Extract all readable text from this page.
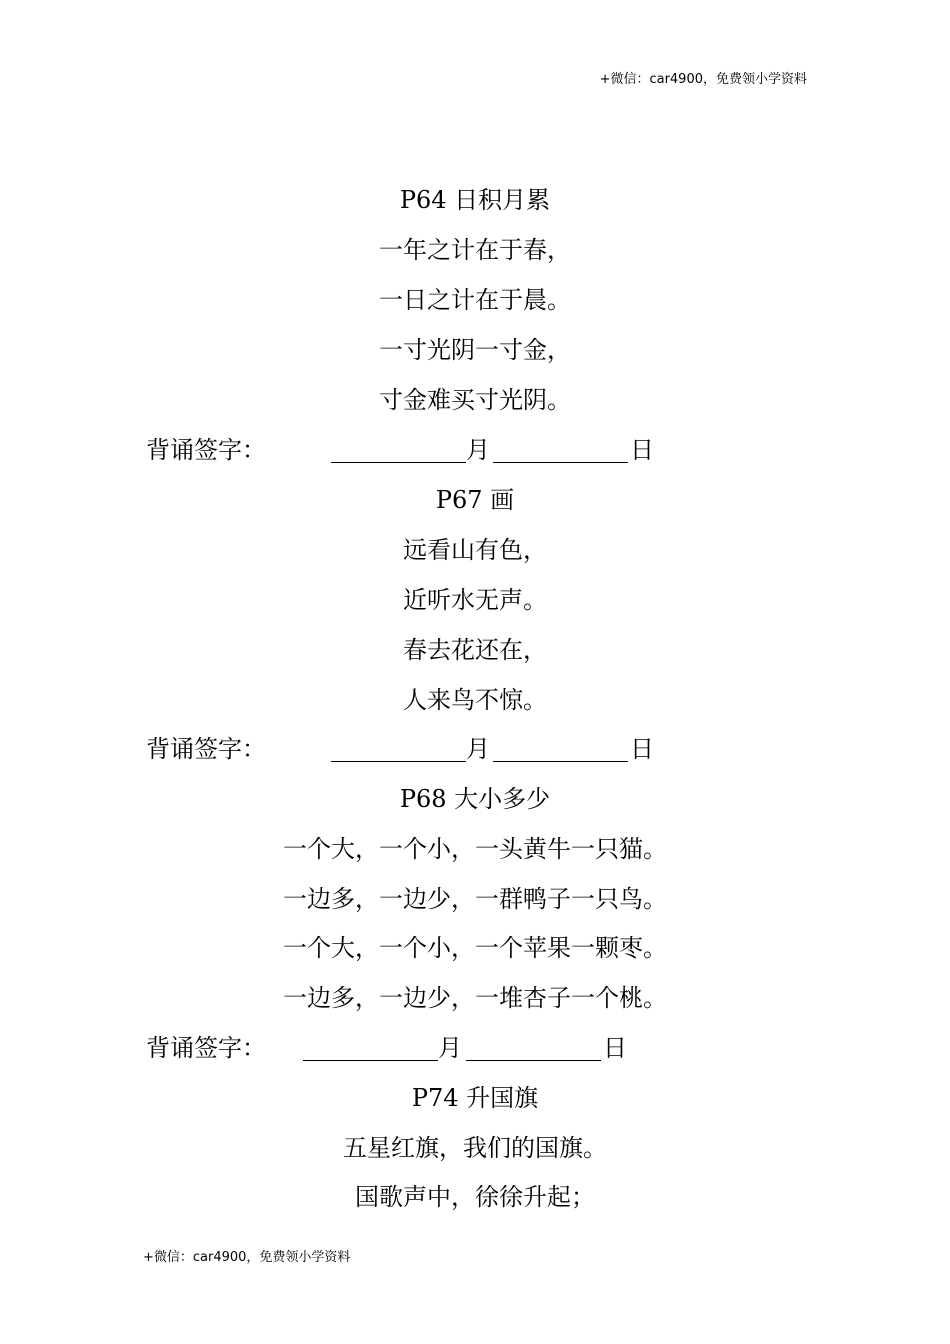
+微信：car4900，免费领小学资料
P64 日积月累
一年之计在于春，
一日之计在于晨。
一寸光阴一寸金，
寸金难买寸光阴。
背诵签字：	月	日
P67 画
远看山有色，
近听水无声。
春去花还在，
人来鸟不惊。
背诵签字：	月	日
P68 大小多少
一个大，一个小，一头黄牛一只猫。
一边多，一边少，一群鸭子一只鸟。
一个大，一个小，一个苹果一颗枣。
一边多，一边少，一堆杏子一个桃。
背诵签字：	月	日
P74 升国旗
五星红旗，我们的国旗。
国歌声中，徐徐升起；
+微信：car4900，免费领小学资料
